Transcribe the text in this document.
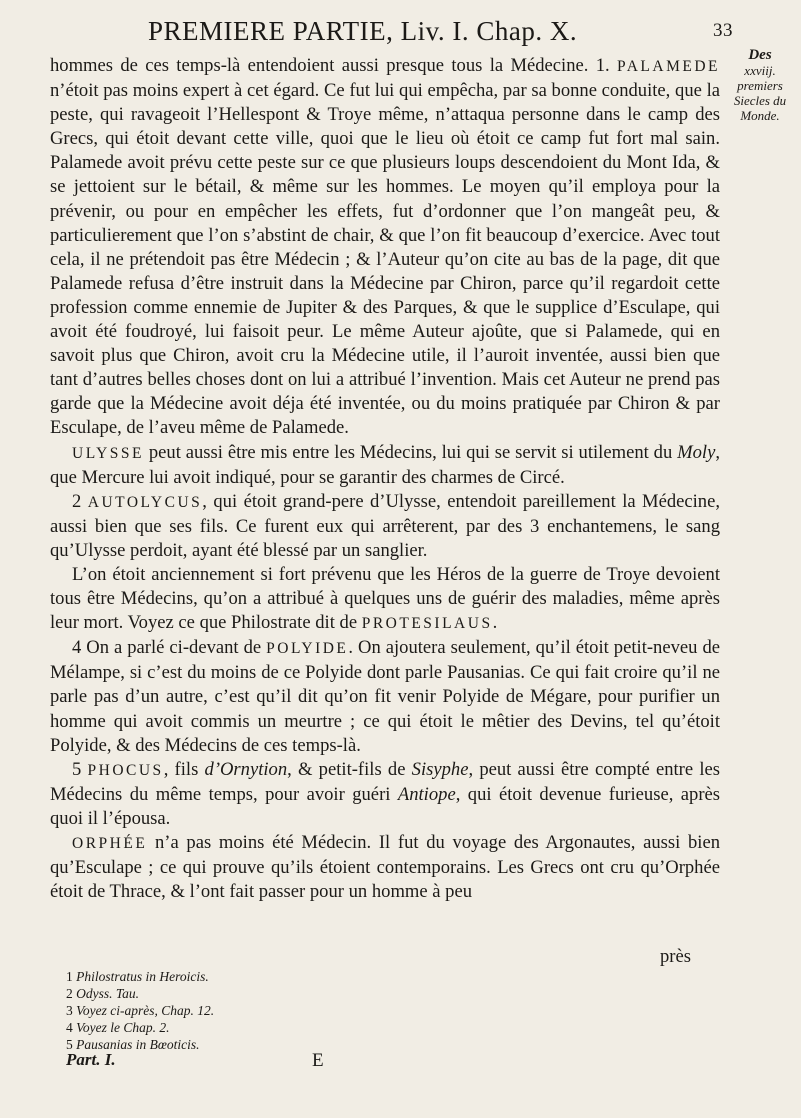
PREMIERE PARTIE, Liv. I. Chap. X.	33
Des
xxviij.
premiers
Siecles du
Monde.

hommes de ces temps-là entendoient aussi presque tous la Médecine. 1. PALAMEDE n’étoit pas moins expert à cet égard. Ce fut lui qui empêcha, par sa bonne conduite, que la peste, qui ravageoit l’Hellespont & Troye même, n’attaqua personne dans le camp des Grecs, qui étoit devant cette ville, quoi que le lieu où étoit ce camp fut fort mal sain. Palamede avoit prévu cette peste sur ce que plusieurs loups descendoient du Mont Ida, & se jettoient sur le bétail, & même sur les hommes. Le moyen qu’il employa pour la prévenir, ou pour en empêcher les effets, fut d’ordonner que l’on mangeât peu, & particulierement que l’on s’abstint de chair, & que l’on fit beaucoup d’exercice. Avec tout cela, il ne prétendoit pas être Médecin ; & l’Auteur qu’on cite au bas de la page, dit que Palamede refusa d’être instruit dans la Médecine par Chiron, parce qu’il regardoit cette profession comme ennemie de Jupiter & des Parques, & que le supplice d’Esculape, qui avoit été foudroyé, lui faisoit peur. Le même Auteur ajoûte, que si Palamede, qui en savoit plus que Chiron, avoit cru la Médecine utile, il l’auroit inventée, aussi bien que tant d’autres belles choses dont on lui a attribué l’invention. Mais cet Auteur ne prend pas garde que la Médecine avoit déja été inventée, ou du moins pratiquée par Chiron & par Esculape, de l’aveu même de Palamede.

ULYSSE peut aussi être mis entre les Médecins, lui qui se servit si utilement du Moly, que Mercure lui avoit indiqué, pour se garantir des charmes de Circé.

2 AUTOLYCUS, qui étoit grand-pere d’Ulysse, entendoit pareillement la Médecine, aussi bien que ses fils. Ce furent eux qui arrêterent, par des 3 enchantemens, le sang qu’Ulysse perdoit, ayant été blessé par un sanglier.

L’on étoit anciennement si fort prévenu que les Héros de la guerre de Troye devoient tous être Médecins, qu’on a attribué à quelques uns de guérir des maladies, même après leur mort. Voyez ce que Philostrate dit de PROTESILAUS.

4 On a parlé ci-devant de POLYIDE. On ajoutera seulement, qu’il étoit petit-neveu de Mélampe, si c’est du moins de ce Polyide dont parle Pausanias. Ce qui fait croire qu’il ne parle pas d’un autre, c’est qu’il dit qu’on fit venir Polyide de Mégare, pour purifier un homme qui avoit commis un meurtre ; ce qui étoit le mêtier des Devins, tel qu’étoit Polyide, & des Médecins de ces temps-là.

5 PHOCUS, fils d’Ornytion, & petit-fils de Sisyphe, peut aussi être compté entre les Médecins du même temps, pour avoir guéri Antiope, qui étoit devenue furieuse, après quoi il l’épousa.

ORPHÉE n’a pas moins été Médecin. Il fut du voyage des Argonautes, aussi bien qu’Esculape ; ce qui prouve qu’ils étoient contemporains. Les Grecs ont cru qu’Orphée étoit de Thrace, & l’ont fait passer pour un homme à peu

près
1 Philostratus in Heroicis.
2 Odyss. Tau.
3 Voyez ci-après, Chap. 12.
4 Voyez le Chap. 2.
5 Pausanias in Bœoticis.
Part. I.	E
